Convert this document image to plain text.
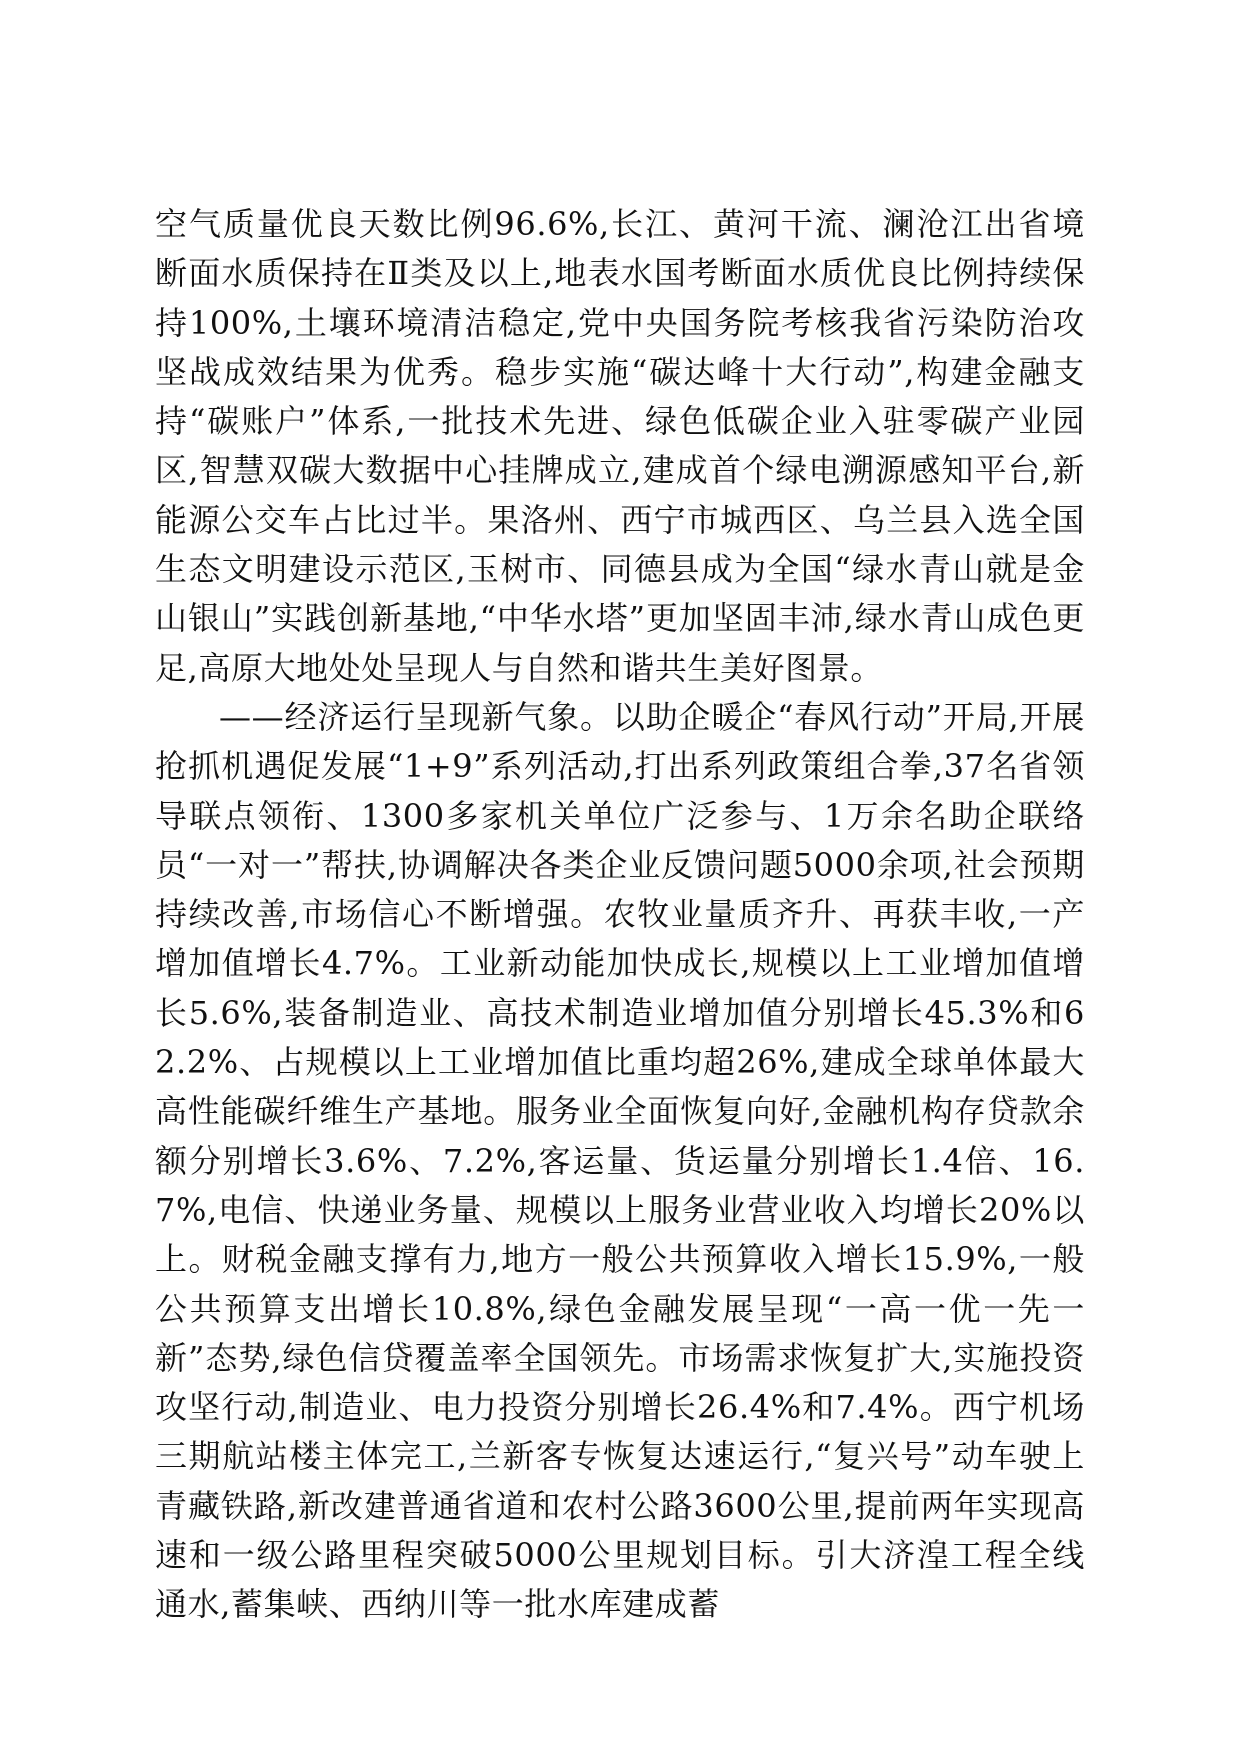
空气质量优良天数比例96.6%,长江、黄河干流、澜沧江出省境断面水质保持在Ⅱ类及以上,地表水国考断面水质优良比例持续保持100%,土壤环境清洁稳定,党中央国务院考核我省污染防治攻坚战成效结果为优秀。稳步实施“碳达峰十大行动”,构建金融支持“碳账户”体系,一批技术先进、绿色低碳企业入驻零碳产业园区,智慧双碳大数据中心挂牌成立,建成首个绿电溯源感知平台,新能源公交车占比过半。果洛州、西宁市城西区、乌兰县入选全国生态文明建设示范区,玉树市、同德县成为全国“绿水青山就是金山银山”实践创新基地,“中华水塔”更加坚固丰沛,绿水青山成色更足,高原大地处处呈现人与自然和谐共生美好图景。

——经济运行呈现新气象。以助企暖企“春风行动”开局,开展抢抓机遇促发展“1+9”系列活动,打出系列政策组合拳,37名省领导联点领衔、1300多家机关单位广泛参与、1万余名助企联络员“一对一”帮扶,协调解决各类企业反馈问题5000余项,社会预期持续改善,市场信心不断增强。农牧业量质齐升、再获丰收,一产增加值增长4.7%。工业新动能加快成长,规模以上工业增加值增长5.6%,装备制造业、高技术制造业增加值分别增长45.3%和62.2%、占规模以上工业增加值比重均超26%,建成全球单体最大高性能碳纤维生产基地。服务业全面恢复向好,金融机构存贷款余额分别增长3.6%、7.2%,客运量、货运量分别增长1.4倍、16.7%,电信、快递业务量、规模以上服务业营业收入均增长20%以上。财税金融支撑有力,地方一般公共预算收入增长15.9%,一般公共预算支出增长10.8%,绿色金融发展呈现“一高一优一先一新”态势,绿色信贷覆盖率全国领先。市场需求恢复扩大,实施投资攻坚行动,制造业、电力投资分别增长26.4%和7.4%。西宁机场三期航站楼主体完工,兰新客专恢复达速运行,“复兴号”动车驶上青藏铁路,新改建普通省道和农村公路3600公里,提前两年实现高速和一级公路里程突破5000公里规划目标。引大济湟工程全线通水,蓄集峡、西纳川等一批水库建成蓄
